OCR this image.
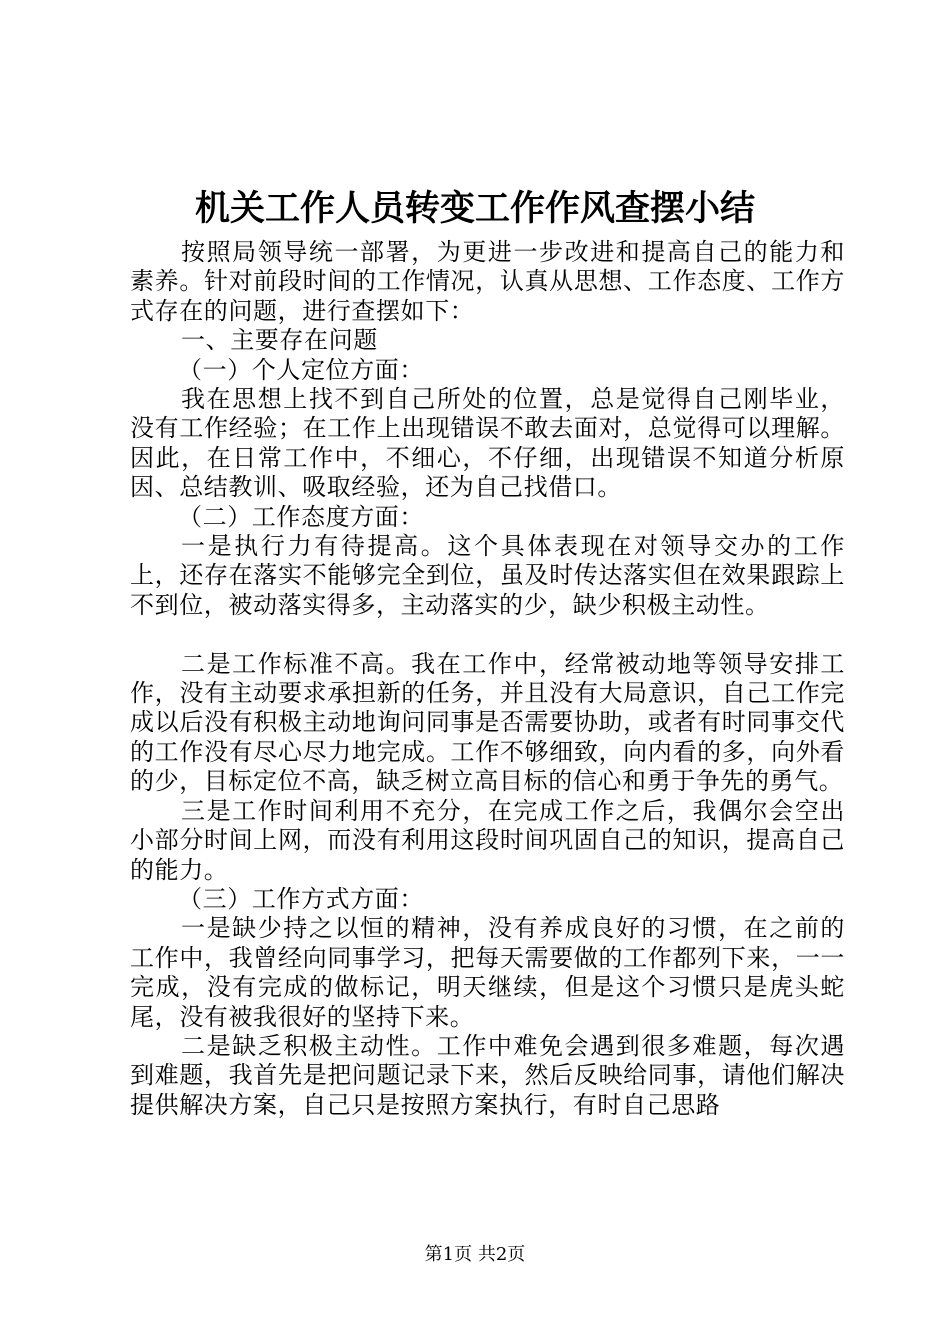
机关工作人员转变工作作风查摆小结

按照局领导统一部署，为更进一步改进和提高自己的能力和素养。针对前段时间的工作情况，认真从思想、工作态度、工作方式存在的问题，进行查摆如下：

一、主要存在问题

（一）个人定位方面：

我在思想上找不到自己所处的位置，总是觉得自己刚毕业，没有工作经验；在工作上出现错误不敢去面对，总觉得可以理解。因此，在日常工作中，不细心，不仔细，出现错误不知道分析原因、总结教训、吸取经验，还为自己找借口。

（二）工作态度方面：

一是执行力有待提高。这个具体表现在对领导交办的工作上，还存在落实不能够完全到位，虽及时传达落实但在效果跟踪上不到位，被动落实得多，主动落实的少，缺少积极主动性。

二是工作标准不高。我在工作中，经常被动地等领导安排工作，没有主动要求承担新的任务，并且没有大局意识，自己工作完成以后没有积极主动地询问同事是否需要协助，或者有时同事交代的工作没有尽心尽力地完成。工作不够细致，向内看的多，向外看的少，目标定位不高，缺乏树立高目标的信心和勇于争先的勇气。

三是工作时间利用不充分，在完成工作之后，我偶尔会空出小部分时间上网，而没有利用这段时间巩固自己的知识，提高自己的能力。

（三）工作方式方面：

一是缺少持之以恒的精神，没有养成良好的习惯，在之前的工作中，我曾经向同事学习，把每天需要做的工作都列下来，一一完成，没有完成的做标记，明天继续，但是这个习惯只是虎头蛇尾，没有被我很好的坚持下来。

二是缺乏积极主动性。工作中难免会遇到很多难题，每次遇到难题，我首先是把问题记录下来，然后反映给同事，请他们解决提供解决方案，自己只是按照方案执行，有时自己思路

第1页 共2页
